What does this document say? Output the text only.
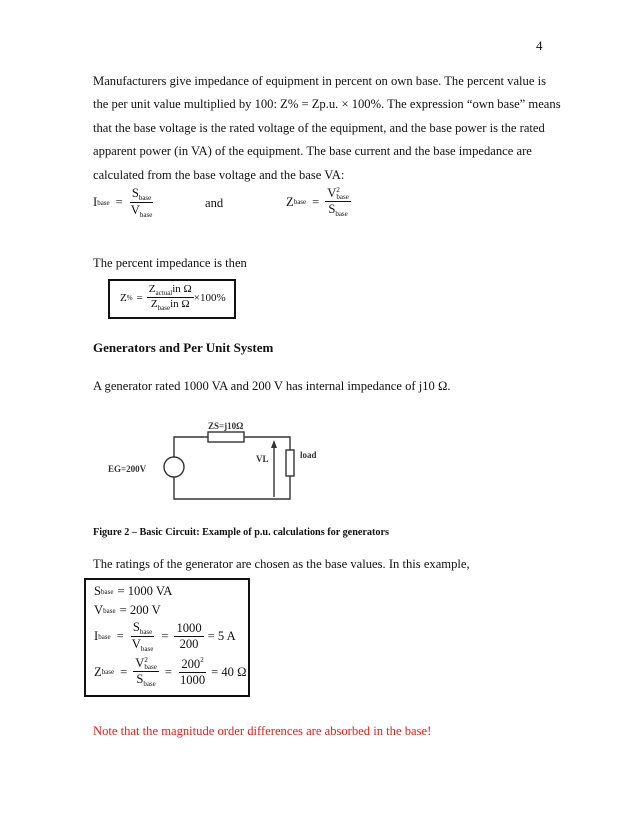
4

Manufacturers give impedance of equipment in percent on own base. The percent value is the per unit value multiplied by 100: Z% = Zp.u. × 100%. The expression “own base” means that the base voltage is the rated voltage of the equipment, and the base power is the rated apparent power (in VA) of the equipment. The base current and the base impedance are calculated from the base voltage and the base VA:

I base = $\frac{S_{base}}{V_{base}}$	and	Z base = V 2
base
$S_{base}$

The percent impedance is then

Z % = $\frac{Z_{actual}in \Omega}{Z_{base}in \Omega} \times 100\%$

Generators and Per Unit System

A generator rated 1000 VA and 200 V has internal impedance of j10 Ω.

ZS=j10Ω
VL	load
EG=200V

Figure 2 – Basic Circuit: Example of p.u. calculations for generators

The ratings of the generator are chosen as the base values. In this example,

S base = 1000 VA
V base = 200 V
I base = $\frac{S_{base}}{V_{base}} = \frac{1000}{200} = 5$ A
Z base = V 2
base
$S_{base} = \frac{200^2}{1000} = 40$ Ω

Note that the magnitude order differences are absorbed in the base!
